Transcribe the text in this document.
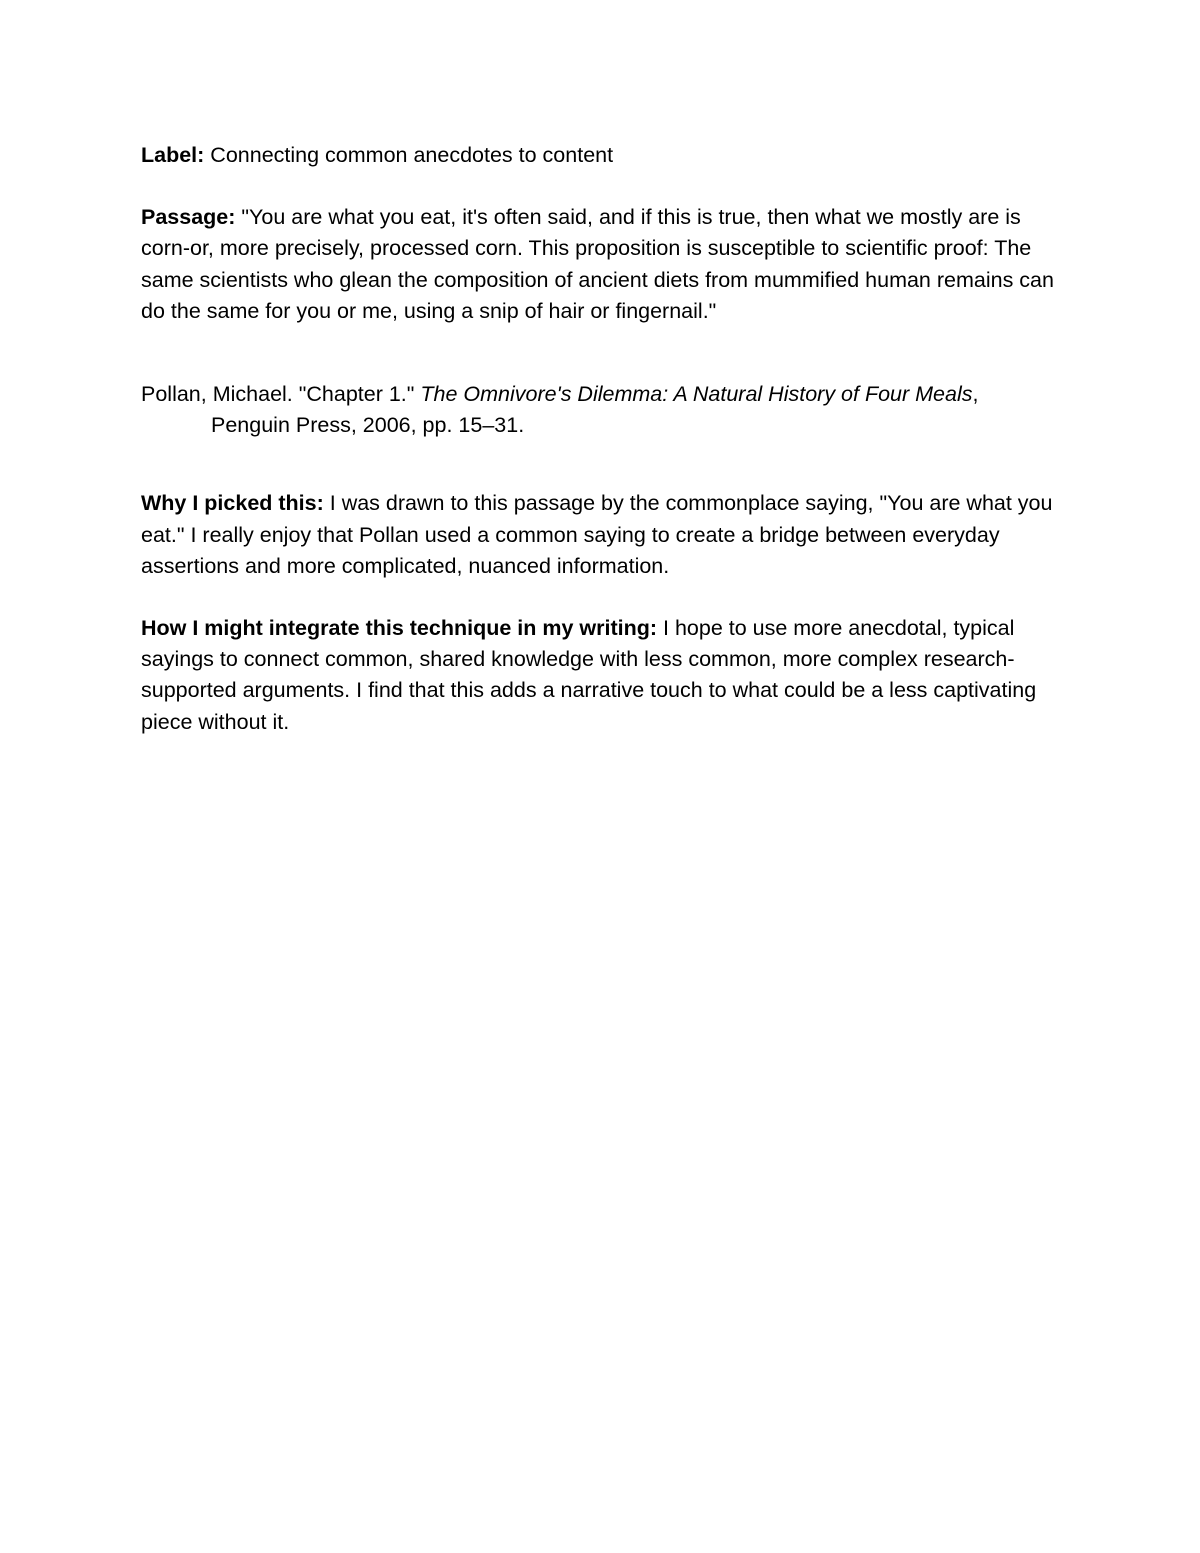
Label: Connecting common anecdotes to content

Passage: "You are what you eat, it's often said, and if this is true, then what we mostly are is corn-or, more precisely, processed corn. This proposition is susceptible to scientific proof: The same scientists who glean the composition of ancient diets from mummified human remains can do the same for you or me, using a snip of hair or fingernail."

Pollan, Michael. "Chapter 1." The Omnivore's Dilemma: A Natural History of Four Meals,
Penguin Press, 2006, pp. 15–31.

Why I picked this: I was drawn to this passage by the commonplace saying, "You are what you eat." I really enjoy that Pollan used a common saying to create a bridge between everyday assertions and more complicated, nuanced information.

How I might integrate this technique in my writing: I hope to use more anecdotal, typical sayings to connect common, shared knowledge with less common, more complex research-supported arguments. I find that this adds a narrative touch to what could be a less captivating piece without it.
